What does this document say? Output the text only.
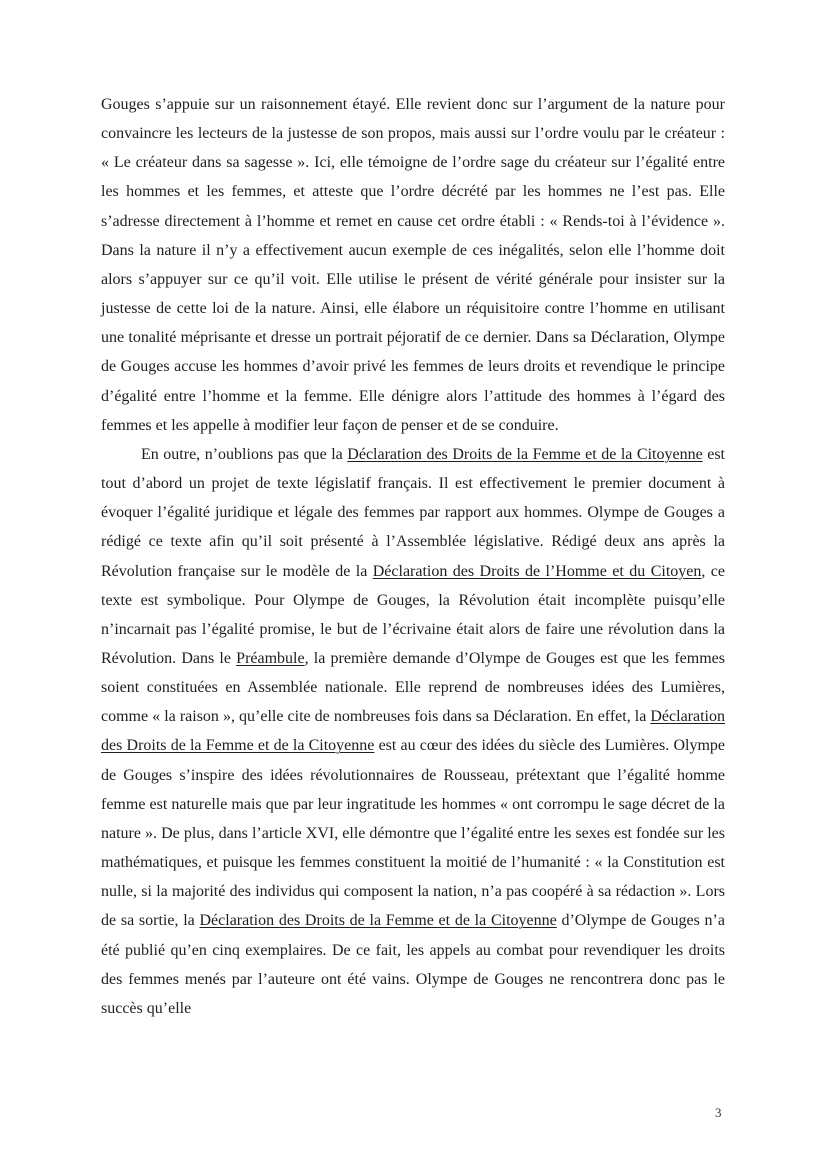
Gouges s’appuie sur un raisonnement étayé. Elle revient donc sur l’argument de la nature pour convaincre les lecteurs de la justesse de son propos, mais aussi sur l’ordre voulu par le créateur : « Le créateur dans sa sagesse ». Ici, elle témoigne de l’ordre sage du créateur sur l’égalité entre les hommes et les femmes, et atteste que l’ordre décrété par les hommes ne l’est pas. Elle s’adresse directement à l’homme et remet en cause cet ordre établi : « Rends-toi à l’évidence ». Dans la nature il n’y a effectivement aucun exemple de ces inégalités, selon elle l’homme doit alors s’appuyer sur ce qu’il voit. Elle utilise le présent de vérité générale pour insister sur la justesse de cette loi de la nature. Ainsi, elle élabore un réquisitoire contre l’homme en utilisant une tonalité méprisante et dresse un portrait péjoratif de ce dernier. Dans sa Déclaration, Olympe de Gouges accuse les hommes d’avoir privé les femmes de leurs droits et revendique le principe d’égalité entre l’homme et la femme. Elle dénigre alors l’attitude des hommes à l’égard des femmes et les appelle à modifier leur façon de penser et de se conduire.

En outre, n’oublions pas que la Déclaration des Droits de la Femme et de la Citoyenne est tout d’abord un projet de texte législatif français. Il est effectivement le premier document à évoquer l’égalité juridique et légale des femmes par rapport aux hommes. Olympe de Gouges a rédigé ce texte afin qu’il soit présenté à l’Assemblée législative. Rédigé deux ans après la Révolution française sur le modèle de la Déclaration des Droits de l’Homme et du Citoyen, ce texte est symbolique. Pour Olympe de Gouges, la Révolution était incomplète puisqu’elle n’incarnait pas l’égalité promise, le but de l’écrivaine était alors de faire une révolution dans la Révolution. Dans le Préambule, la première demande d’Olympe de Gouges est que les femmes soient constituées en Assemblée nationale. Elle reprend de nombreuses idées des Lumières, comme « la raison », qu’elle cite de nombreuses fois dans sa Déclaration. En effet, la Déclaration des Droits de la Femme et de la Citoyenne est au cœur des idées du siècle des Lumières. Olympe de Gouges s’inspire des idées révolutionnaires de Rousseau, prétextant que l’égalité homme femme est naturelle mais que par leur ingratitude les hommes « ont corrompu le sage décret de la nature ». De plus, dans l’article XVI, elle démontre que l’égalité entre les sexes est fondée sur les mathématiques, et puisque les femmes constituent la moitié de l’humanité : « la Constitution est nulle, si la majorité des individus qui composent la nation, n’a pas coopéré à sa rédaction ». Lors de sa sortie, la Déclaration des Droits de la Femme et de la Citoyenne d’Olympe de Gouges n’a été publié qu’en cinq exemplaires. De ce fait, les appels au combat pour revendiquer les droits des femmes menés par l’auteure ont été vains. Olympe de Gouges ne rencontrera donc pas le succès qu’elle

3
